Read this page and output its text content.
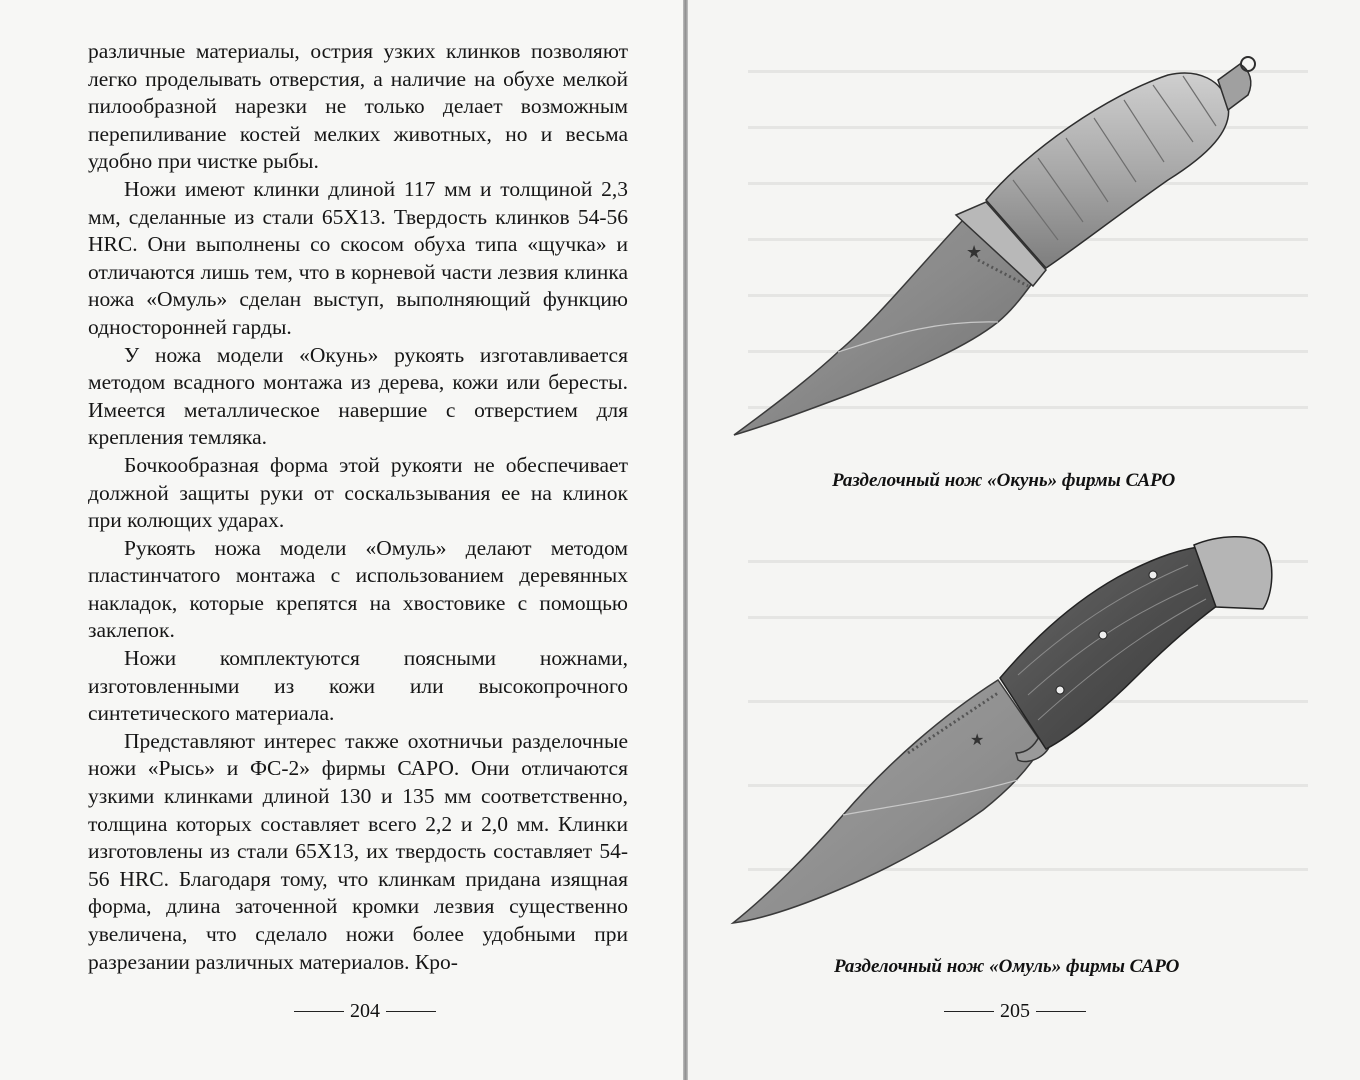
различные материалы, острия узких клинков позволяют легко проделывать отверстия, а наличие на обухе мелкой пилообразной нарезки не только делает возможным перепиливание костей мелких животных, но и весьма удобно при чистке рыбы.

Ножи имеют клинки длиной 117 мм и толщиной 2,3 мм, сделанные из стали 65Х13. Твердость клинков 54-56 HRC. Они выполнены со скосом обуха типа «щучка» и отличаются лишь тем, что в корневой части лезвия клинка ножа «Омуль» сделан выступ, выполняющий функцию односторонней гарды.

У ножа модели «Окунь» рукоять изготавливается методом всадного монтажа из дерева, кожи или бересты. Имеется металлическое навершие с отверстием для крепления темляка.

Бочкообразная форма этой рукояти не обеспечивает должной защиты руки от соскальзывания ее на клинок при колющих ударах.

Рукоять ножа модели «Омуль» делают методом пластинчатого монтажа с использованием деревянных накладок, которые крепятся на хвостовике с помощью заклепок.

Ножи комплектуются поясными ножнами, изготовленными из кожи или высокопрочного синтетического материала.

Представляют интерес также охотничьи разделочные ножи «Рысь» и ФС-2» фирмы САРО. Они отличаются узкими клинками длиной 130 и 135 мм соответственно, толщина которых составляет всего 2,2 и 2,0 мм. Клинки изготовлены из стали 65Х13, их твердость составляет 54-56 HRC. Благодаря тому, что клинкам придана изящная форма, длина заточенной кромки лезвия существенно увеличена, что сделало ножи более удобными при разрезании различных материалов. Кро-

204
★
Разделочный нож «Окунь» фирмы САРО
★
Разделочный нож «Омуль» фирмы САРО
205
